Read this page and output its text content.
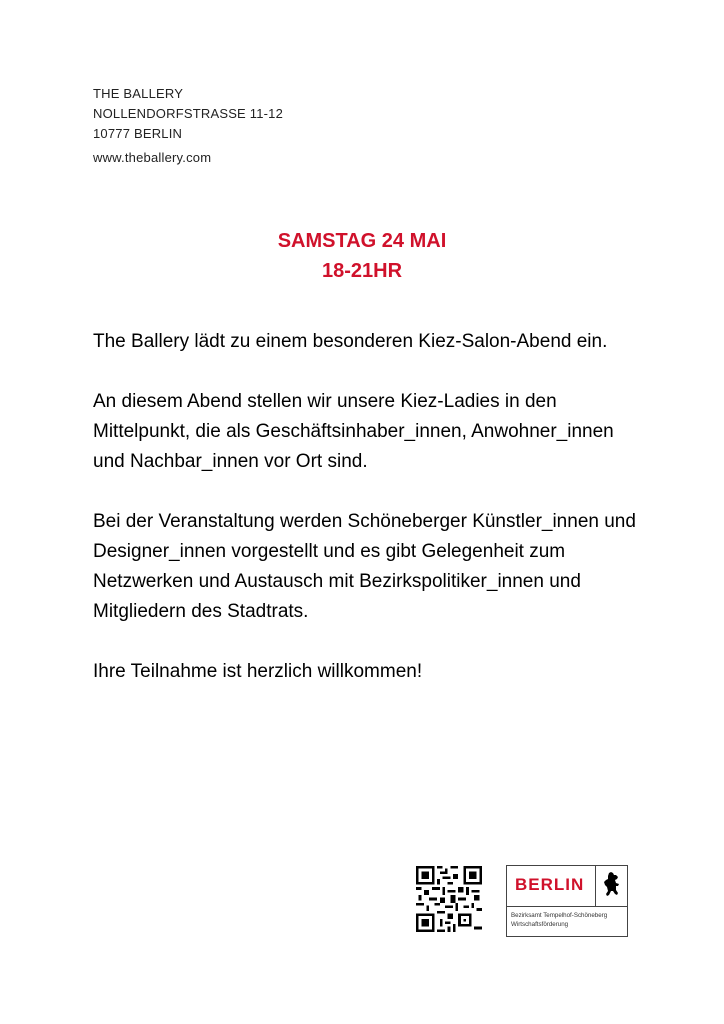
THE BALLERY
NOLLENDORFSTRASSE 11-12
10777 BERLIN
www.theballery.com
SAMSTAG 24 MAI
18-21HR

The Ballery lädt zu einem besonderen Kiez-Salon-Abend ein.

An diesem Abend stellen wir unsere Kiez-Ladies in den Mittelpunkt, die als Geschäftsinhaber_innen, Anwohner_innen und Nachbar_innen vor Ort sind.

Bei der Veranstaltung werden Schöneberger Künstler_innen und Designer_innen vorgestellt und es gibt Gelegenheit zum Netzwerken und Austausch mit Bezirkspolitiker_innen und Mitgliedern des Stadtrats.

Ihre Teilnahme ist herzlich willkommen!

BERLIN
Bezirksamt Tempelhof-Schöneberg
Wirtschaftsförderung
